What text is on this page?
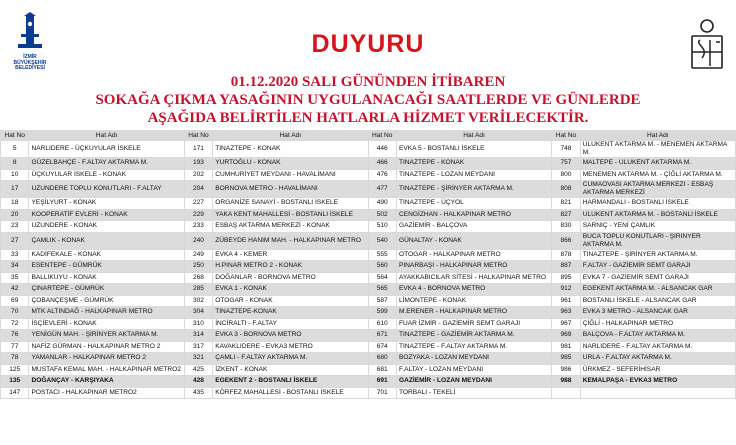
İZMİR
BÜYÜKŞEHİR
BELEDİYESİ
DUYURU
01.12.2020 SALI GÜNÜNDEN İTİBAREN
SOKAĞA ÇIKMA YASAĞININ UYGULANACAĞI SAATLERDE VE GÜNLERDE
AŞAĞIDA BELİRTİLEN HATLARLA HİZMET VERİLECEKTİR.
Hat No	Hat Adı	Hat No	Hat Adı	Hat No	Hat Adı	Hat No	Hat Adı
5	NARLIDERE - ÜÇKUYULAR İSKELE	171	TINAZTEPE - KONAK	446	EVKA 5 - BOSTANLI İSKELE	748	ULUKENT AKTARMA M. - MENEMEN AKTARMA M.
8	GÜZELBAHÇE - F.ALTAY AKTARMA M.	193	YURTOĞLU - KONAK	466	TINAZTEPE - KONAK	757	MALTEPE - ULUKENT AKTARMA M.
10	ÜÇKUYULAR İSKELE - KONAK	202	CUMHURİYET MEYDANI - HAVALİMANI	476	TINAZTEPE - LOZAN MEYDANI	800	MENEMEN AKTARMA M. - ÇİĞLİ AKTARMA M.
17	UZUNDERE TOPLU KONUTLARI - F.ALTAY	204	BORNOVA METRO - HAVALİMANI	477	TINAZTEPE - ŞİRİNYER AKTARMA M.	808	CUMAOVASI AKTARMA MERKEZİ - ESBAŞ AKTARMA MERKEZİ
18	YEŞİLYURT - KONAK	227	ORGANİZE SANAYİ - BOSTANLI İSKELE	490	TINAZTEPE - ÜÇYOL	821	HARMANDALI - BOSTANLI İSKELE
20	KOOPERATİF EVLERİ - KONAK	229	YAKA KENT MAHALLESİ - BOSTANLI İSKELE	502	CENGİZHAN - HALKAPINAR METRO	827	ULUKENT AKTARMA M. - BOSTANLI İSKELE
23	UZUNDERE - KONAK	233	ESBAŞ AKTARMA MERKEZİ - KONAK	510	GAZİEMİR - BALÇOVA	830	SARNIÇ - YENİ ÇAMLIK
27	ÇAMLIK - KONAK	240	ZÜBEYDE HANIM MAH. - HALKAPINAR METRO	540	GÜNALTAY - KONAK	866	BUCA TOPLU KONUTLARI - ŞİRİNYER AKTARMA M.
33	KADİFEKALE - KONAK	249	EVKA 4 - KEMER	555	OTOGAR - HALKAPINAR METRO	878	TINAZTEPE - ŞİRİNYER AKTARMA M.
34	ESENTEPE - GÜMRÜK	250	H.PINAR METRO 2 - KONAK	560	PINARBAŞI - HALKAPINAR METRO	887	F.ALTAY - GAZİEMİR SEMT GARAJI
35	BALLIKUYU - KONAK	268	DOĞANLAR - BORNOVA METRO	564	AYAKKABICILAR SİTESİ - HALKAPINAR METRO	895	EVKA 7 - GAZİEMİR SEMT GARAJI
42	ÇINARTEPE - GÜMRÜK	285	EVKA 1 - KONAK	565	EVKA 4 - BORNOVA METRO	912	EGEKENT AKTARMA M. - ALSANCAK GAR
69	ÇOBANÇEŞME - GÜMRÜK	302	OTOGAR - KONAK	587	LİMONTEPE - KONAK	961	BOSTANLI İSKELE - ALSANCAK GAR
70	MTK ALTINDAĞ - HALKAPINAR METRO	304	TINAZTEPE-KONAK	599	M.ERENER - HALKAPINAR METRO	963	EVKA 3 METRO - ALSANCAK GAR
72	İSÇİEVLERİ - KONAK	310	İNCİRALTI - F.ALTAY	610	FUAR İZMİR - GAZİEMİR SEMT GARAJI	967	ÇİĞLİ - HALKAPINAR METRO
76	YENİGÜN MAH. - ŞİRİNYER AKTARMA M.	314	EVKA 3 - BORNOVA METRO	671	TINAZTEPE - GAZİEMİR AKTARMA M.	969	BALÇOVA - F.ALTAY AKTARMA M.
77	NAFİZ GÜRMAN - HALKAPINAR METRO 2	317	KAVAKLIDERE - EVKA3 METRO	674	TINAZTEPE - F.ALTAY AKTARMA M.	981	NARLIDERE - F.ALTAY AKTARMA M.
78	YAMANLAR - HALKAPINAR METRO 2	321	ÇAMLI - F.ALTAY AKTARMA M.	680	BOZYAKA - LOZAN MEYDANI	985	URLA - F.ALTAY AKTARMA M.
125	MUSTAFA KEMAL MAH. - HALKAPINAR METRO2	425	İZKENT - KONAK	681	F.ALTAY - LOZAN MEYDANI	986	ÜRKMEZ - SEFERİHİSAR
135	DOĞANÇAY - KARŞIYAKA	428	EGEKENT 2 - BOSTANLI İSKELE	691	GAZİEMİR - LOZAN MEYDANI	988	KEMALPAŞA - EVKA3 METRO
147	POSTACI - HALKAPINAR METRO2	435	KÖRFEZ MAHALLESİ - BOSTANLI İSKELE	701	TORBALI - TEKELİ		
